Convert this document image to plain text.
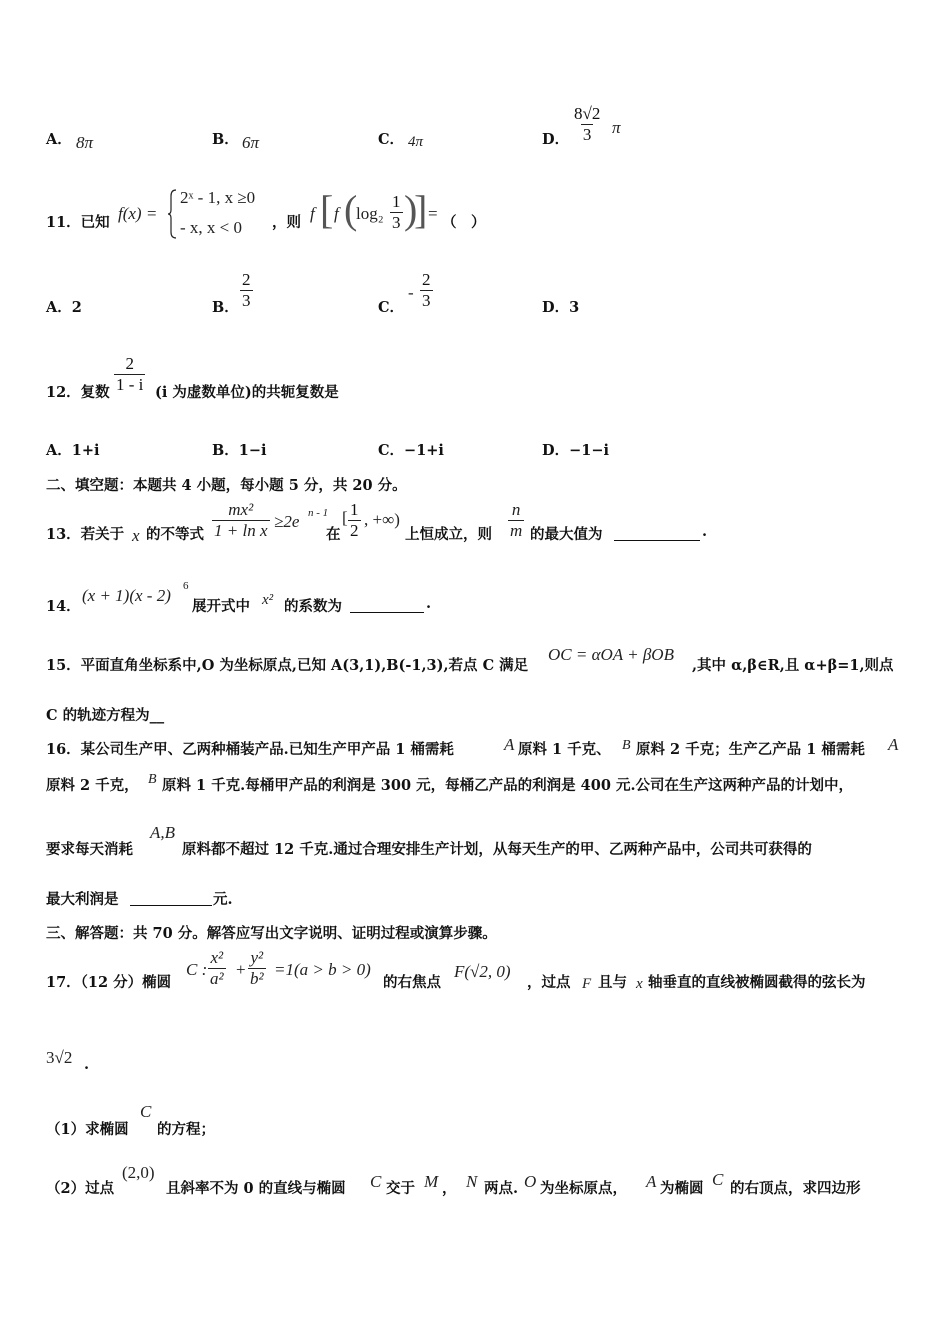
A． 8π	B． 6π	C． 4π	D． $\frac{8√2}{3}$ π
11．已知 f(x) =
2ˣ - 1, x ≥0
- x, x < 0 ，则 f [ f (
$\log_2 \frac{1}{3}$ )
] = （　）
A．2	B． $\frac{2}{3}$	C．
- $\frac{2}{3}$	D．3
12．复数 $\frac{2}{1 - i} (i$ 为虚数单位)的共轭复数是
A．1+i	B．1−i	C．−1+i	D．−1−i
二、填空题：本题共 4 小题，每小题 5 分，共 20 分。
13．若关于 x 的不等式 $\frac{\text{mx²}}{\text{1 + ln x}} \ge 2e$ n - 1
在
[ $\frac{1}{2}$ , +∞)
上恒成立，则 $\frac{n}{m}$ 的最大值为	.
14．
(x + 1)(x - 2) 6
展开式中 x² 的系数为	.
15．平面直角坐标系中,O 为坐标原点,已知 A(3,1),B(-1,3),若点 C 满足
OC = αOA + βOB
,其中 α,β∈R,且 α+β=1,则点
C 的轨迹方程为__
16．某公司生产甲、乙两种桶装产品.已知生产甲产品 1 桶需耗	A 原料 1 千克、 B 原料 2 千克；生产乙产品 1 桶需耗 A
原料 2 千克， B 原料 1 千克.每桶甲产品的利润是 300 元，每桶乙产品的利润是 400 元.公司在生产这两种产品的计划中，
要求每天消耗
A,B
原料都不超过 12 千克.通过合理安排生产计划，从每天生产的甲、乙两种产品中，公司共可获得的
最大利润是	元.
三、解答题：共 70 分。解答应写出文字说明、证明过程或演算步骤。
17．（12 分）椭圆
C : $\frac{\text{x²}}{\text{a²}} + \frac{\text{y²}}{\text{b²}} =1(a > b > 0)$
的右焦点
F(√2, 0)
，过点 F 且与 x 轴垂直的直线被椭圆截得的弦长为
3√2 .
（1）求椭圆
C
的方程；
（2）过点
(2,0)
且斜率不为 0 的直线与椭圆 C 交于 M ， N 两点. O 为坐标原点， A 为椭圆 C 的右顶点，求四边形
